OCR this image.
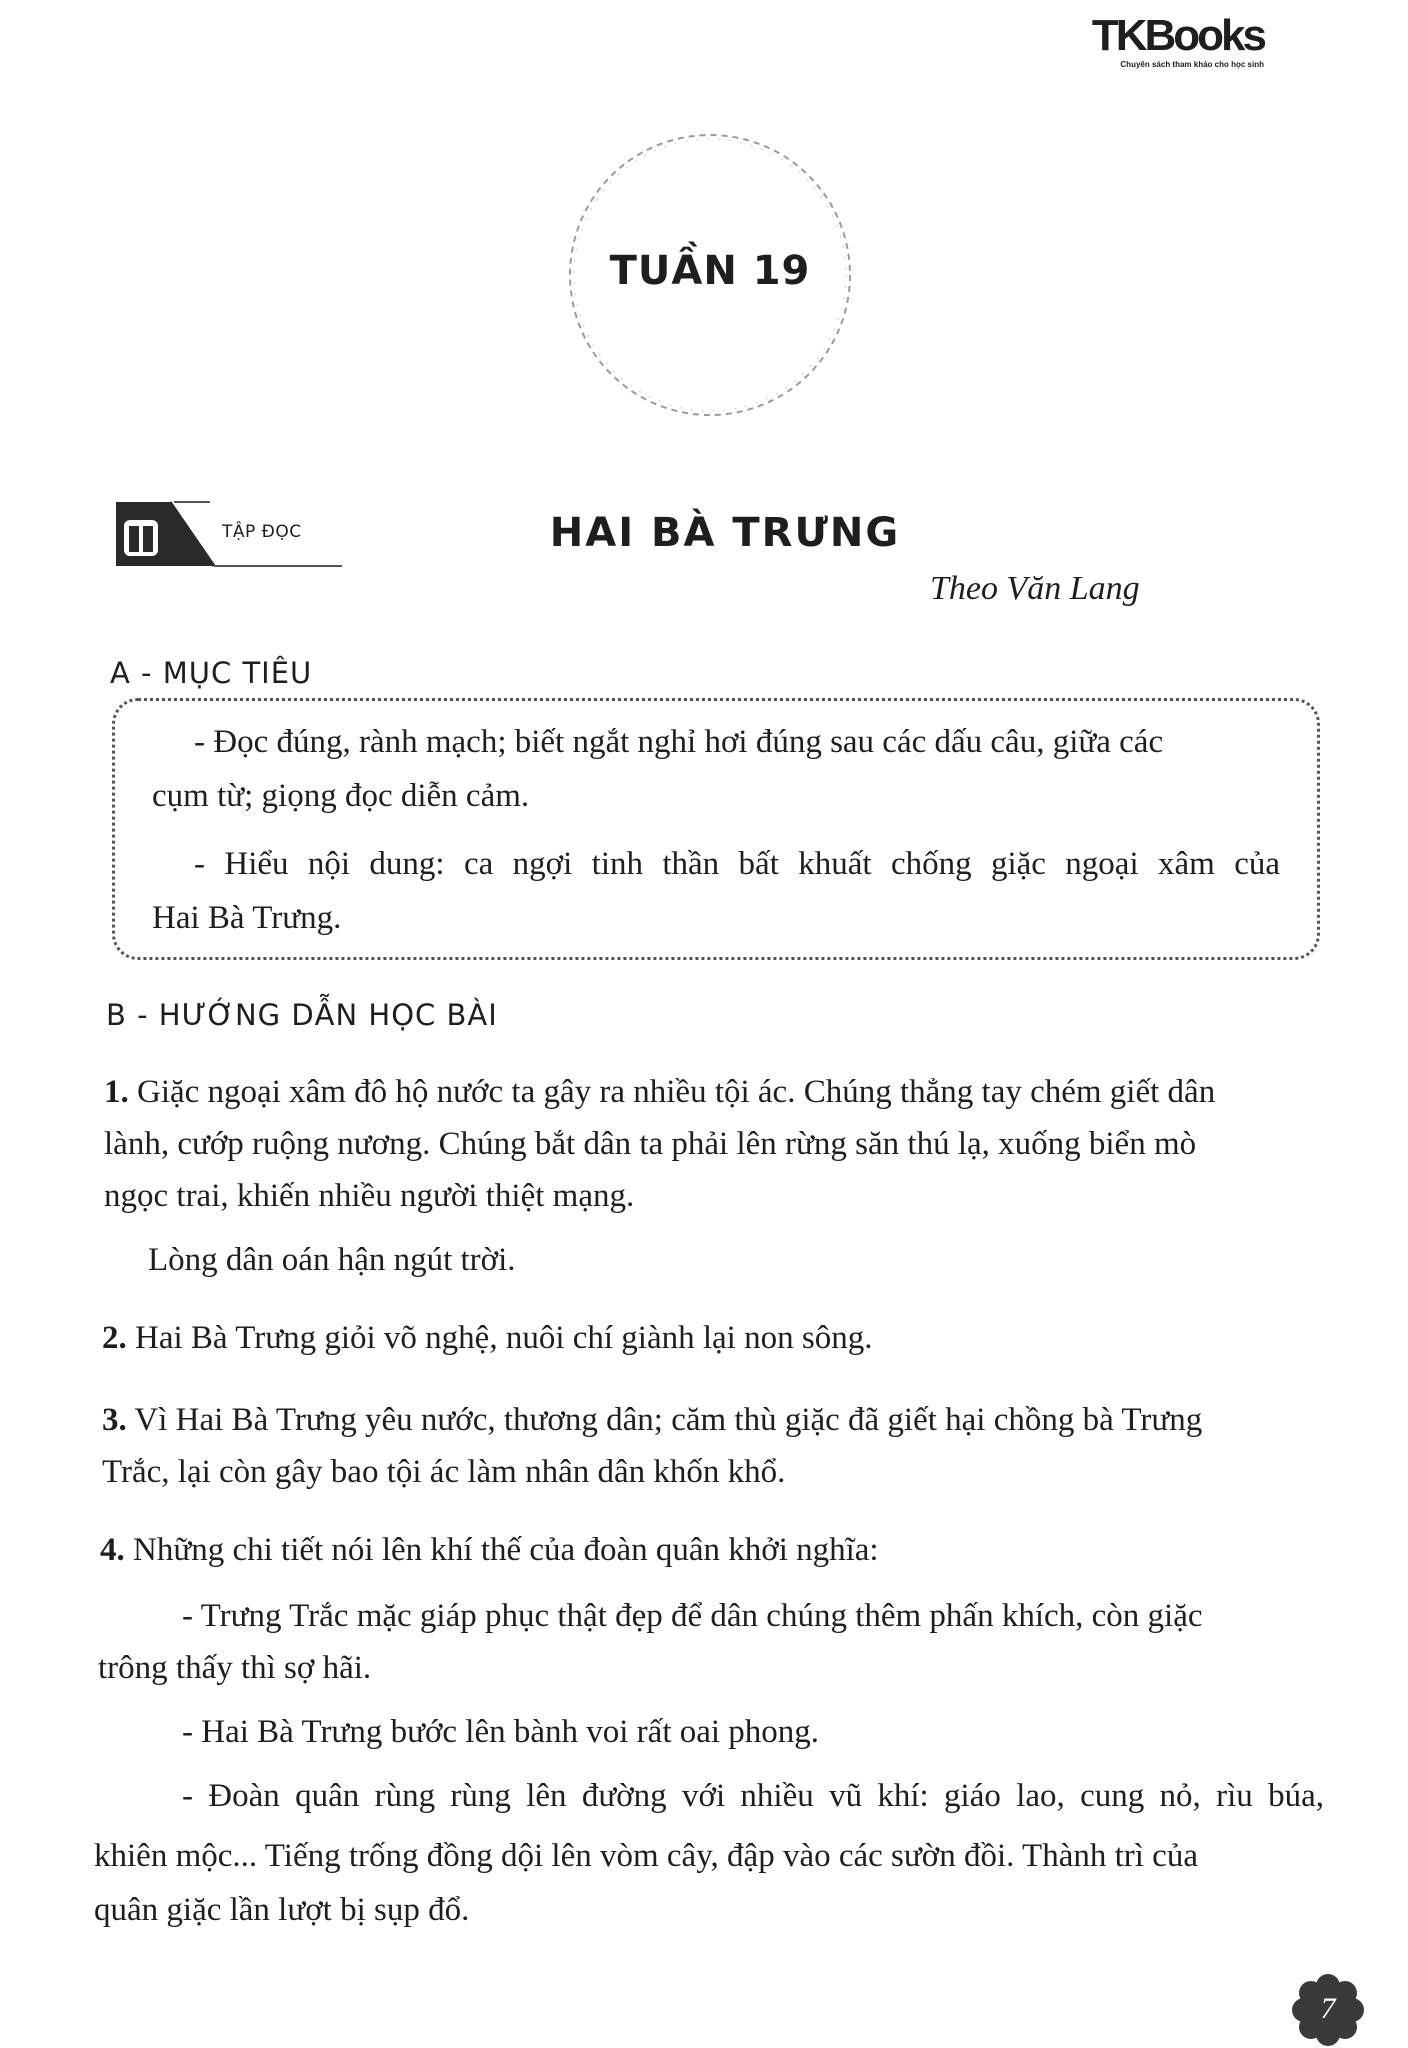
TKBooks
Chuyên sách tham khảo cho học sinh
TUẦN 19
TẬP ĐỌC	HAI BÀ TRƯNG
Theo Văn Lang
A - MỤC TIÊU
- Đọc đúng, rành mạch; biết ngắt nghỉ hơi đúng sau các dấu câu, giữa các
cụm từ; giọng đọc diễn cảm.
- Hiểu nội dung: ca ngợi tinh thần bất khuất chống giặc ngoại xâm của
Hai Bà Trưng.
B - HƯỚNG DẪN HỌC BÀI
1. Giặc ngoại xâm đô hộ nước ta gây ra nhiều tội ác. Chúng thẳng tay chém giết dân
lành, cướp ruộng nương. Chúng bắt dân ta phải lên rừng săn thú lạ, xuống biển mò
ngọc trai, khiến nhiều người thiệt mạng.
Lòng dân oán hận ngút trời.
2. Hai Bà Trưng giỏi võ nghệ, nuôi chí giành lại non sông.
3. Vì Hai Bà Trưng yêu nước, thương dân; căm thù giặc đã giết hại chồng bà Trưng
Trắc, lại còn gây bao tội ác làm nhân dân khốn khổ.
4. Những chi tiết nói lên khí thế của đoàn quân khởi nghĩa:
- Trưng Trắc mặc giáp phục thật đẹp để dân chúng thêm phấn khích, còn giặc
trông thấy thì sợ hãi.
- Hai Bà Trưng bước lên bành voi rất oai phong.
- Đoàn quân rùng rùng lên đường với nhiều vũ khí: giáo lao, cung nỏ, rìu búa,
khiên mộc... Tiếng trống đồng dội lên vòm cây, đập vào các sườn đồi. Thành trì của
quân giặc lần lượt bị sụp đổ.
7
